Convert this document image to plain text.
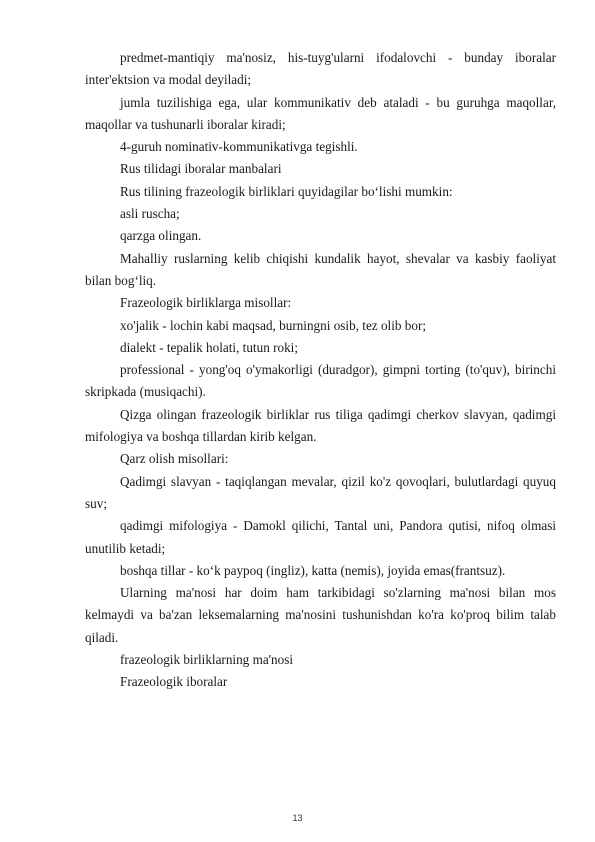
predmet-mantiqiy ma'nosiz, his-tuyg'ularni ifodalovchi - bunday iboralar inter'ektsion va modal deyiladi;

jumla tuzilishiga ega, ular kommunikativ deb ataladi - bu guruhga maqollar, maqollar va tushunarli iboralar kiradi;

4-guruh nominativ-kommunikativga tegishli.

Rus tilidagi iboralar manbalari

Rus tilining frazeologik birliklari quyidagilar bo‘lishi mumkin:

asli ruscha;

qarzga olingan.

Mahalliy ruslarning kelib chiqishi kundalik hayot, shevalar va kasbiy faoliyat bilan bog‘liq.

Frazeologik birliklarga misollar:

xo'jalik - lochin kabi maqsad, burningni osib, tez olib bor;

dialekt - tepalik holati, tutun roki;

professional - yong'oq o'ymakorligi (duradgor), gimpni torting (to'quv), birinchi skripkada (musiqachi).

Qizga olingan frazeologik birliklar rus tiliga qadimgi cherkov slavyan, qadimgi mifologiya va boshqa tillardan kirib kelgan.

Qarz olish misollari:

Qadimgi slavyan - taqiqlangan mevalar, qizil ko'z qovoqlari, bulutlardagi quyuq suv;

qadimgi mifologiya - Damokl qilichi, Tantal uni, Pandora qutisi, nifoq olmasi unutilib ketadi;

boshqa tillar - ko‘k paypoq (ingliz), katta (nemis), joyida emas(frantsuz).

Ularning ma'nosi har doim ham tarkibidagi so'zlarning ma'nosi bilan mos kelmaydi va ba'zan leksemalarning ma'nosini tushunishdan ko'ra ko'proq bilim talab qiladi.

frazeologik birliklarning ma'nosi

Frazeologik iboralar

13
